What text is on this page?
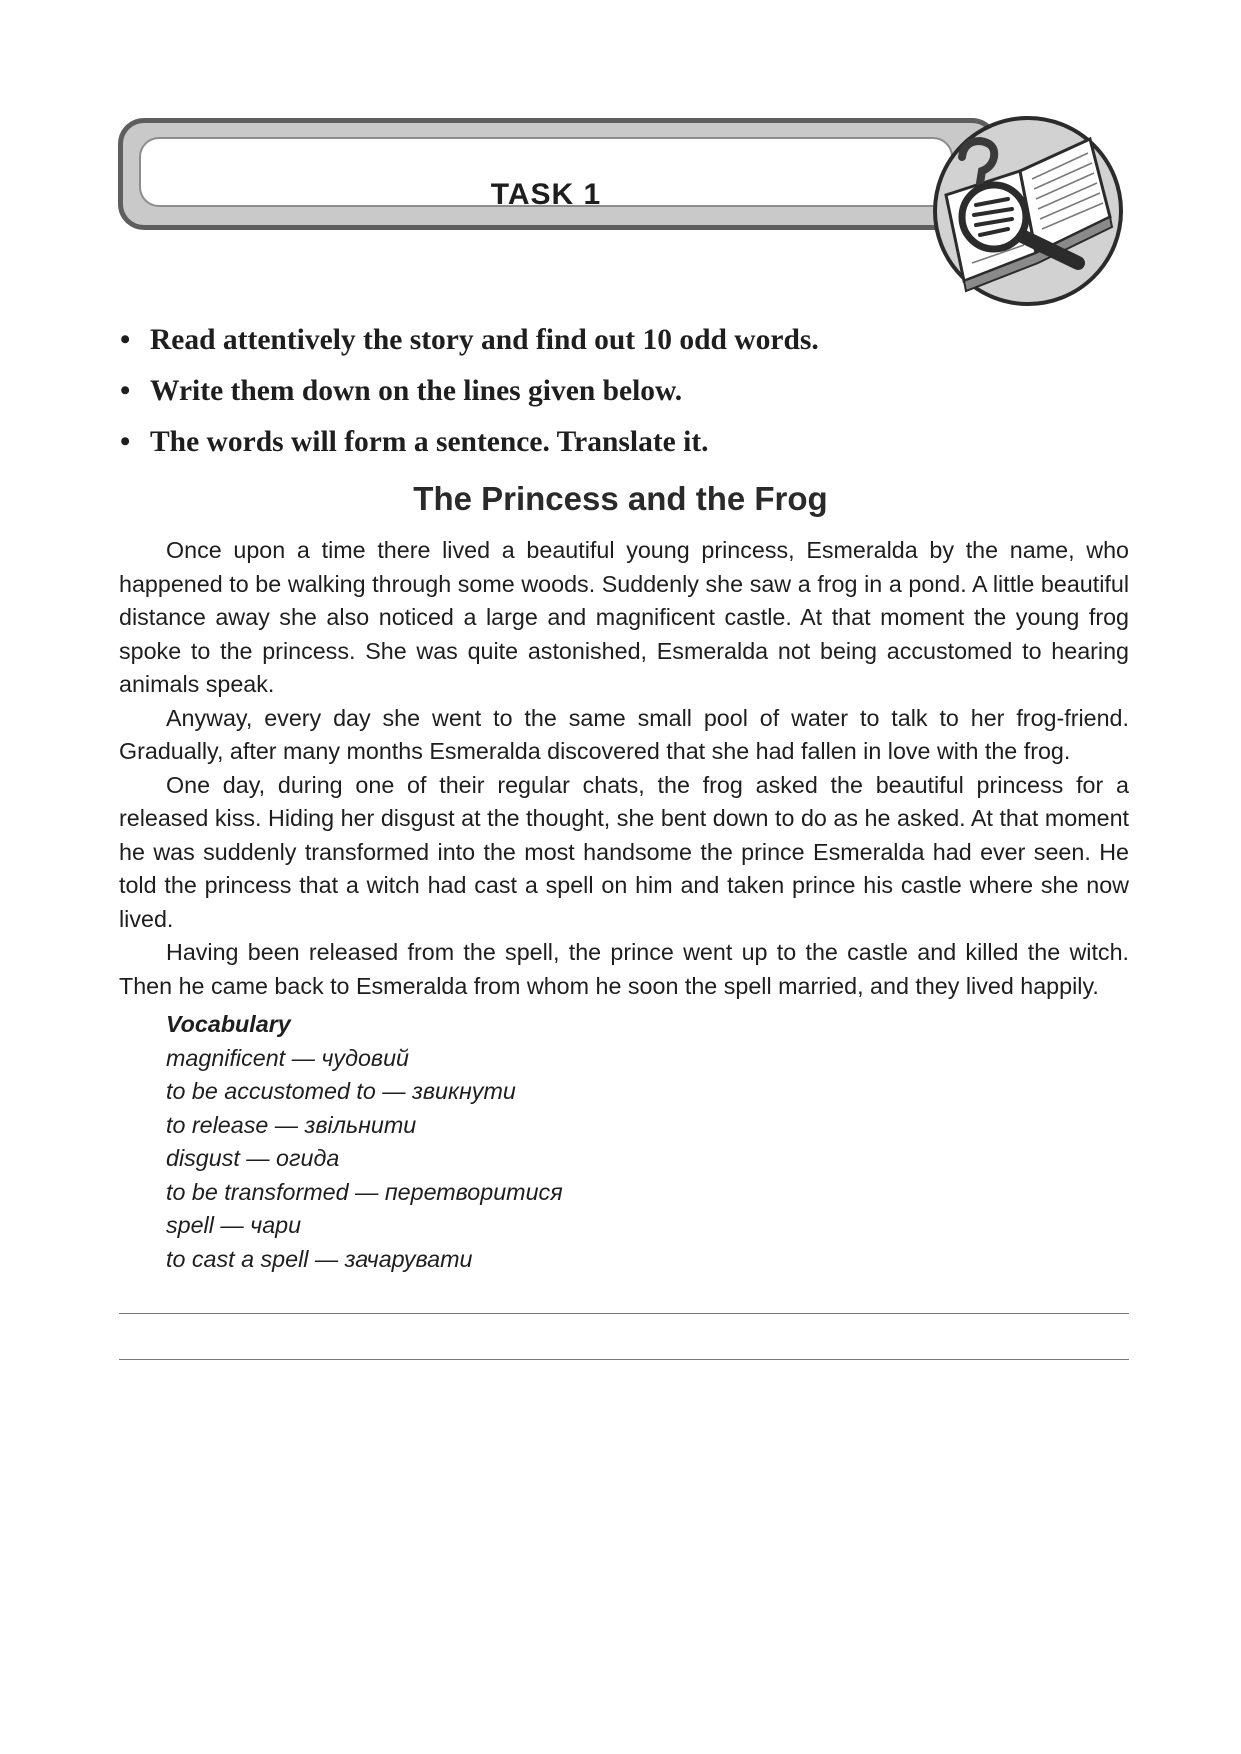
TASK 1
• Read attentively the story and find out 10 odd words.
• Write them down on the lines given below.
• The words will form a sentence. Translate it.
The Princess and the Frog

Once upon a time there lived a beautiful young princess, Esmeralda by the name, who happened to be walking through some woods. Suddenly she saw a frog in a pond. A little beautiful distance away she also noticed a large and magnificent castle. At that moment the young frog spoke to the princess. She was quite astonished, Esmeralda not being accustomed to hearing animals speak.

Anyway, every day she went to the same small pool of water to talk to her frog-friend. Gradually, after many months Esmeralda discovered that she had fallen in love with the frog.

One day, during one of their regular chats, the frog asked the beautiful princess for a released kiss. Hiding her disgust at the thought, she bent down to do as he asked. At that moment he was suddenly transformed into the most handsome the prince Esmeralda had ever seen. He told the princess that a witch had cast a spell on him and taken prince his castle where she now lived.

Having been released from the spell, the prince went up to the castle and killed the witch. Then he came back to Esmeralda from whom he soon the spell married, and they lived happily.

Vocabulary
magnificent — чудовий
to be accustomed to — звикнути
to release — звільнити
disgust — огида
to be transformed — перетворитися
spell — чари
to cast a spell — зачарувати
